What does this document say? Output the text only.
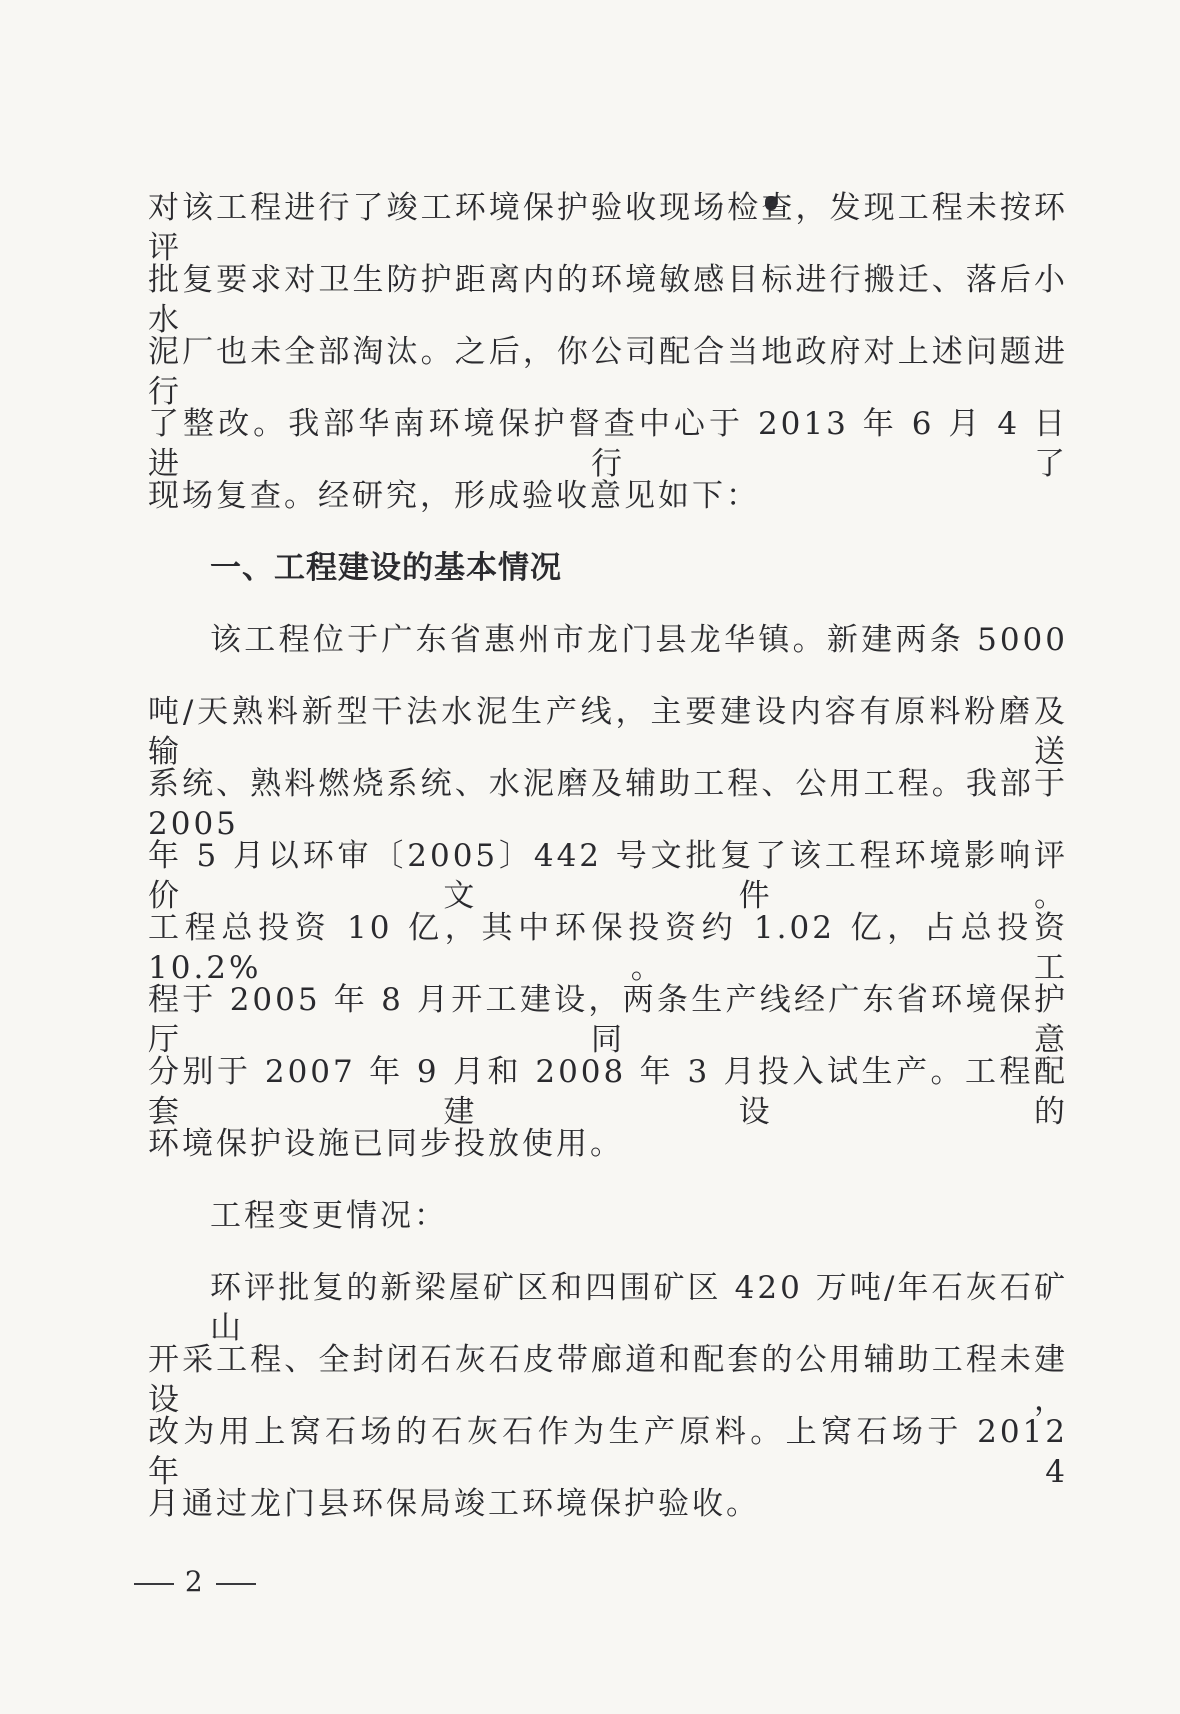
对该工程进行了竣工环境保护验收现场检查，发现工程未按环评
批复要求对卫生防护距离内的环境敏感目标进行搬迁、落后小水
泥厂也未全部淘汰。之后，你公司配合当地政府对上述问题进行
了整改。我部华南环境保护督查中心于 2013 年 6 月 4 日进行了
现场复查。经研究，形成验收意见如下：
一、工程建设的基本情况
该工程位于广东省惠州市龙门县龙华镇。新建两条 5000
吨/天熟料新型干法水泥生产线，主要建设内容有原料粉磨及输送
系统、熟料燃烧系统、水泥磨及辅助工程、公用工程。我部于 2005
年 5 月以环审〔2005〕442 号文批复了该工程环境影响评价文件。
工程总投资 10 亿，其中环保投资约 1.02 亿，占总投资 10.2%。工
程于 2005 年 8 月开工建设，两条生产线经广东省环境保护厅同意
分别于 2007 年 9 月和 2008 年 3 月投入试生产。工程配套建设的
环境保护设施已同步投放使用。
工程变更情况：
环评批复的新梁屋矿区和四围矿区 420 万吨/年石灰石矿山
开采工程、全封闭石灰石皮带廊道和配套的公用辅助工程未建设，
改为用上窝石场的石灰石作为生产原料。上窝石场于 2012 年 4
月通过龙门县环保局竣工环境保护验收。
2
